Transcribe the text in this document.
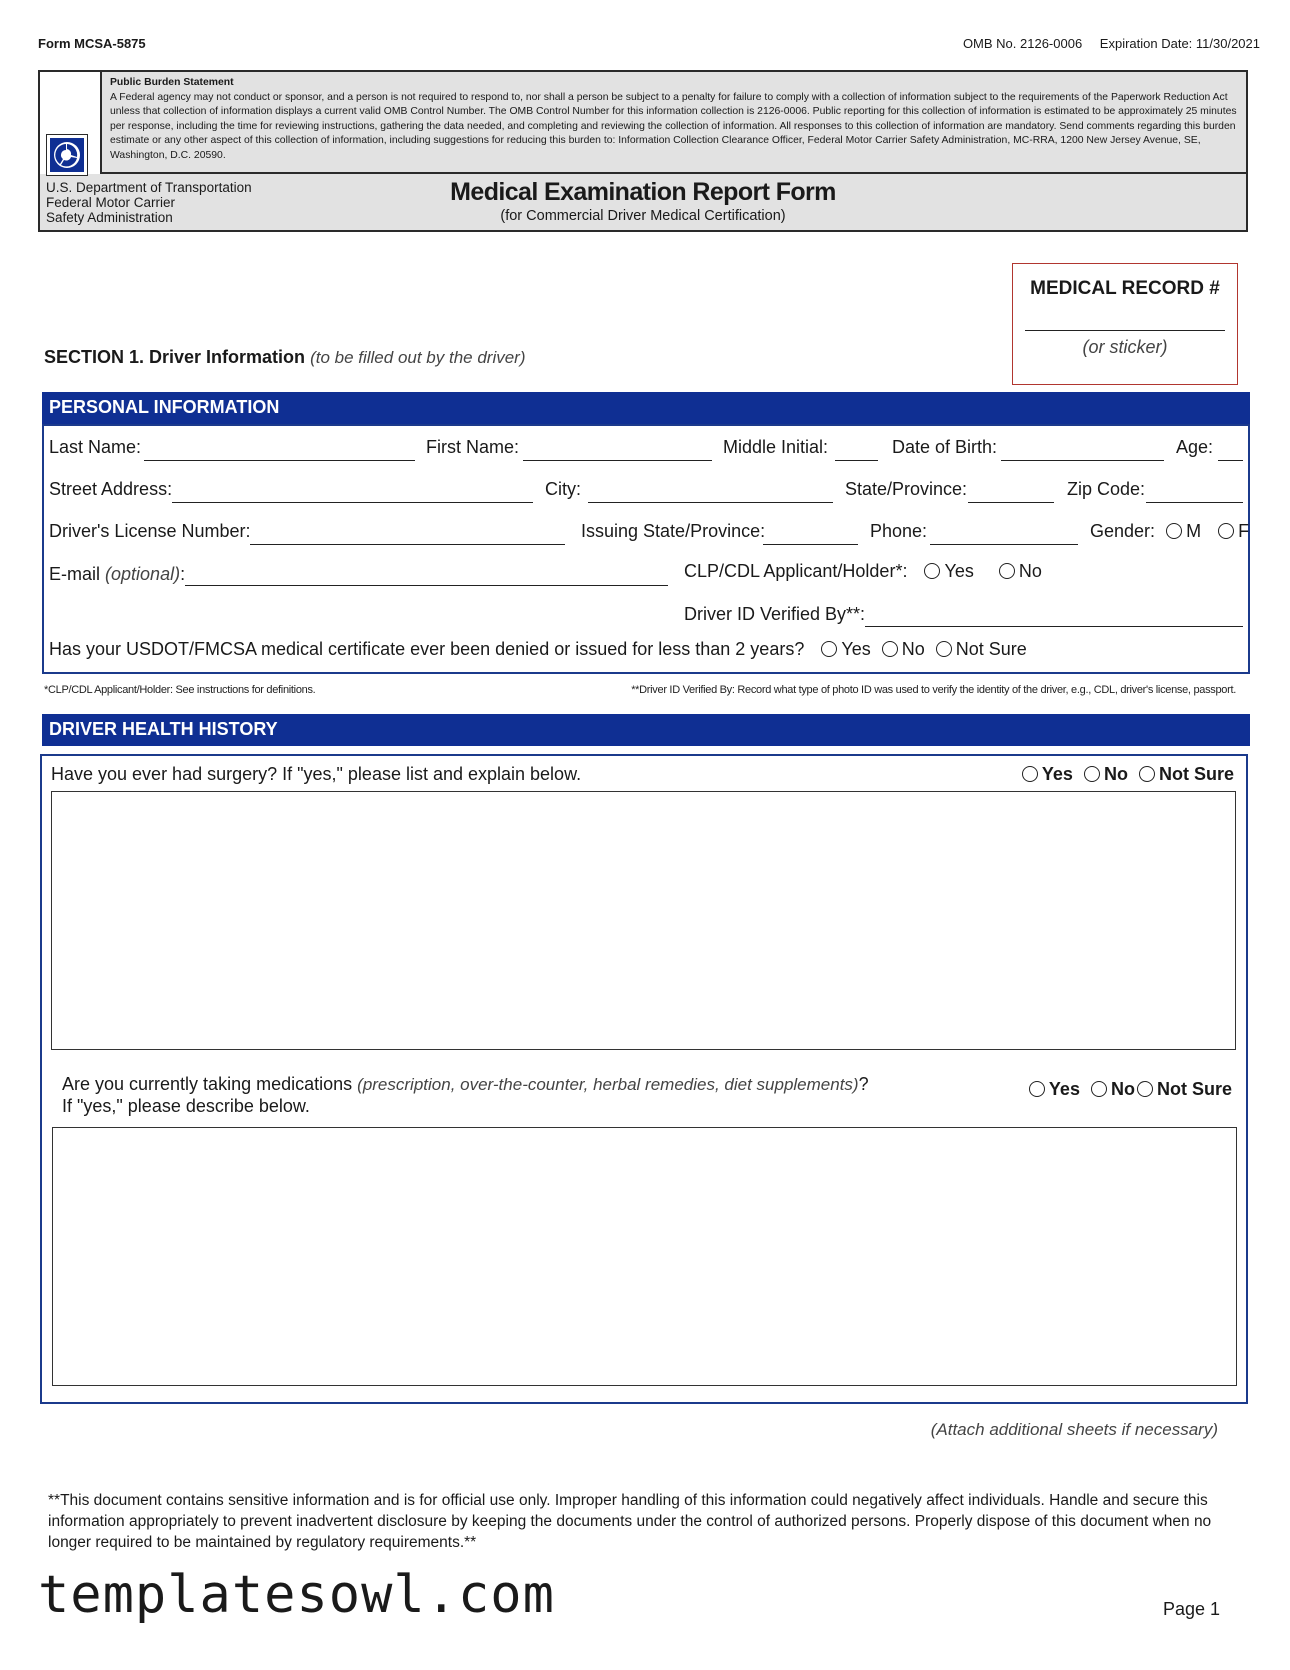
Form MCSA-5875	OMB No. 2126-0006 Expiration Date: 11/30/2021
Public Burden Statement
A Federal agency may not conduct or sponsor, and a person is not required to respond to, nor shall a person be subject to a penalty for failure to comply with a collection of information subject to the requirements of the Paperwork Reduction Act unless that collection of information displays a current valid OMB Control Number. The OMB Control Number for this information collection is 2126-0006. Public reporting for this collection of information is estimated to be approximately 25 minutes per response, including the time for reviewing instructions, gathering the data needed, and completing and reviewing the collection of information. All responses to this collection of information are mandatory. Send comments regarding this burden estimate or any other aspect of this collection of information, including suggestions for reducing this burden to: Information Collection Clearance Officer, Federal Motor Carrier Safety Administration, MC-RRA, 1200 New Jersey Avenue, SE, Washington, D.C. 20590.
U.S. Department of Transportation
Federal Motor Carrier
Safety Administration
Medical Examination Report Form
(for Commercial Driver Medical Certification)
MEDICAL RECORD #
(or sticker)
SECTION 1. Driver Information (to be filled out by the driver)
PERSONAL INFORMATION
Last Name:	First Name:	Middle Initial:	Date of Birth:	Age:
Street Address:	City:	State/Province:	Zip Code:
Driver's License Number:	Issuing State/Province:	Phone:	Gender: M F
E-mail (optional):	CLP/CDL Applicant/Holder*: Yes	No
Driver ID Verified By**:
Has your USDOT/FMCSA medical certificate ever been denied or issued for less than 2 years? Yes No Not Sure
*CLP/CDL Applicant/Holder: See instructions for definitions.	**Driver ID Verified By: Record what type of photo ID was used to verify the identity of the driver, e.g., CDL, driver's license, passport.
DRIVER HEALTH HISTORY
Have you ever had surgery? If "yes," please list and explain below.	Yes No Not Sure
Are you currently taking medications (prescription, over-the-counter, herbal remedies, diet supplements)?
If "yes," please describe below.
Yes No Not Sure
(Attach additional sheets if necessary)
**This document contains sensitive information and is for official use only. Improper handling of this information could negatively affect individuals. Handle and secure this information appropriately to prevent inadvertent disclosure by keeping the documents under the control of authorized persons. Properly dispose of this document when no longer required to be maintained by regulatory requirements.**
templatesowl.com	Page 1
